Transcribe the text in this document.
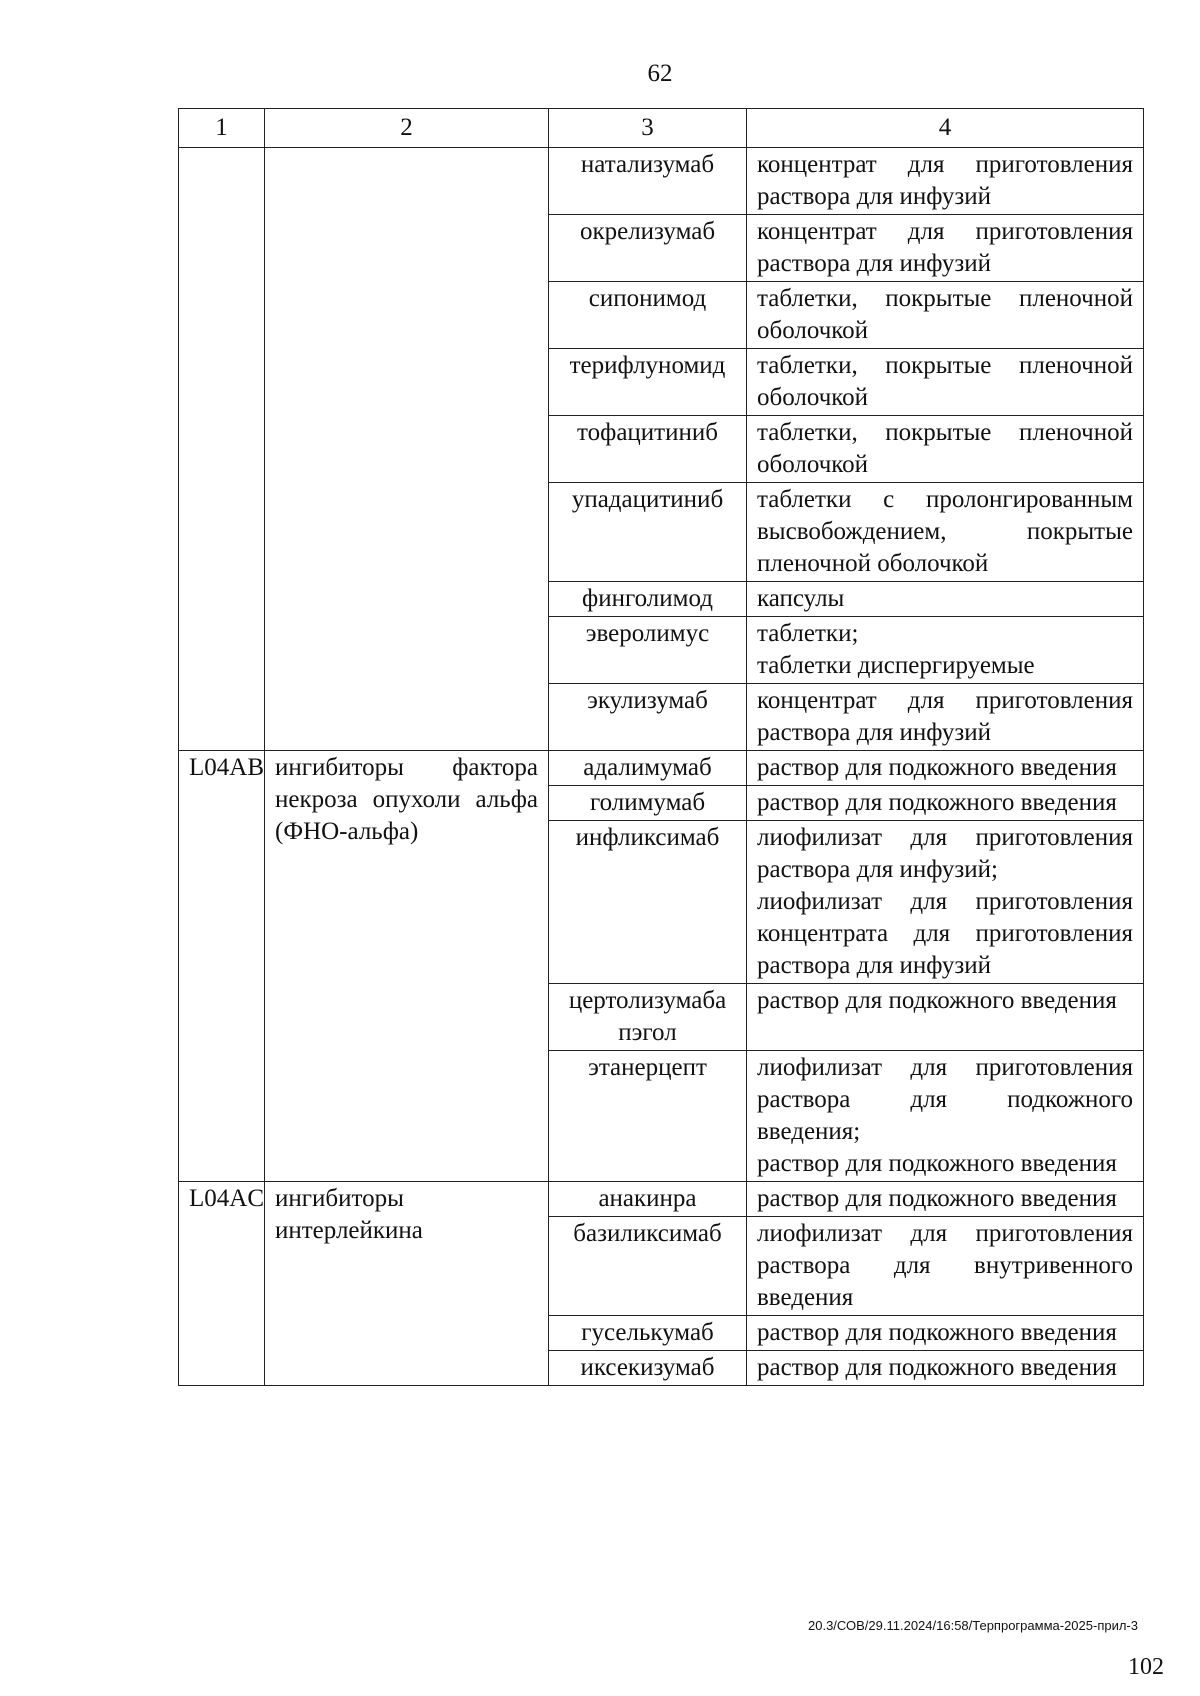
62
1	2	3	4
		натализумаб	концентрат для приготовления раствора для инфузий

		окрелизумаб	концентрат для приготовления раствора для инфузий

		сипонимод	таблетки, покрытые пленочной оболочкой

		терифлуномид	таблетки, покрытые пленочной оболочкой

		тофацитиниб	таблетки, покрытые пленочной оболочкой

		упадацитиниб	таблетки с пролонгированным высвобождением, покрытые пленочной оболочкой

		финголимод	капсулы

		эверолимус	таблетки;
таблетки диспергируемые

		экулизумаб	концентрат для приготовления раствора для инфузий

L04AB	ингибиторы фактора некроза опухоли альфа (ФНО-альфа)	адалимумаб	раствор для подкожного введения

		голимумаб	раствор для подкожного введения

		инфликсимаб	лиофилизат для приготовления раствора для инфузий;
лиофилизат для приготовления концентрата для приготовления раствора для инфузий

		цертолизумаба пэгол	раствор для подкожного введения

		этанерцепт	лиофилизат для приготовления раствора для подкожного введения;
раствор для подкожного введения

L04AC	ингибиторы интерлейкина	анакинра	раствор для подкожного введения

		базиликсимаб	лиофилизат для приготовления раствора для внутривенного введения

		гуселькумаб	раствор для подкожного введения

		иксекизумаб	раствор для подкожного введения
20.3/СОВ/29.11.2024/16:58/Терпрограмма-2025-прил-3
102
